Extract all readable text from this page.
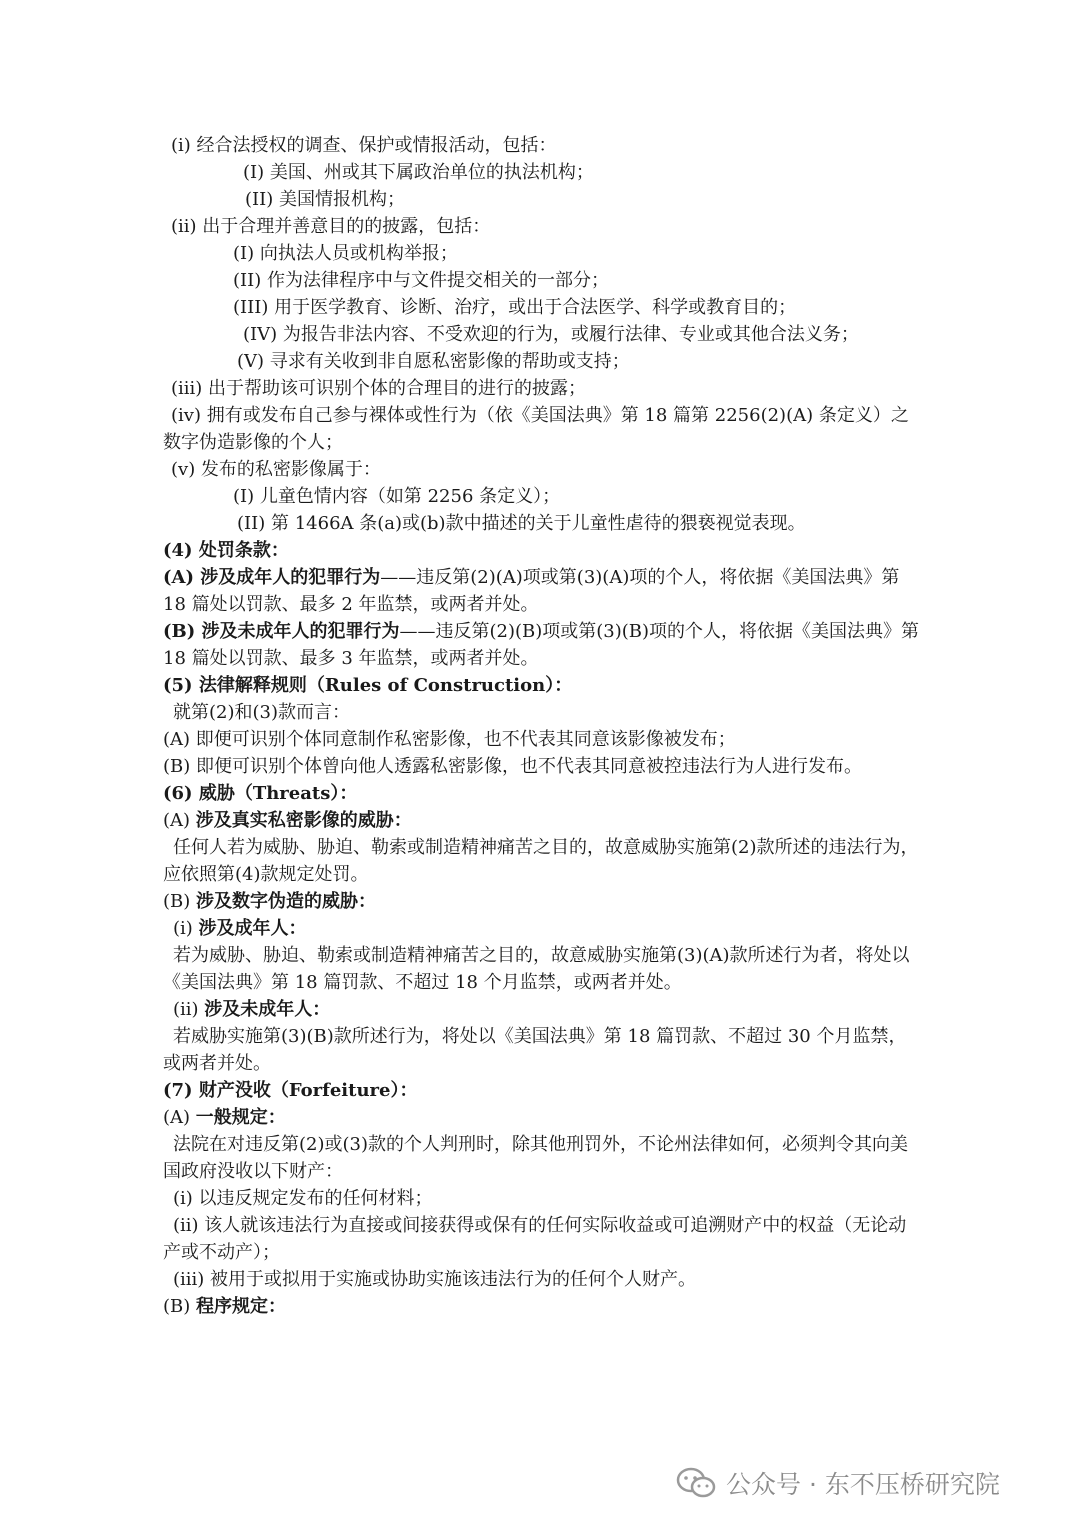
(i) 经合法授权的调查、保护或情报活动，包括：

(I) 美国、州或其下属政治单位的执法机构；

(II) 美国情报机构；

(ii) 出于合理并善意目的的披露，包括：

(I) 向执法人员或机构举报；

(II) 作为法律程序中与文件提交相关的一部分；

(III) 用于医学教育、诊断、治疗，或出于合法医学、科学或教育目的；

(IV) 为报告非法内容、不受欢迎的行为，或履行法律、专业或其他合法义务；

(V) 寻求有关收到非自愿私密影像的帮助或支持；

(iii) 出于帮助该可识别个体的合理目的进行的披露；

(iv) 拥有或发布自己参与裸体或性行为（依《美国法典》第 18 篇第 2256(2)(A) 条定义）之数字伪造影像的个人；

(v) 发布的私密影像属于：

(I) 儿童色情内容（如第 2256 条定义）；

(II) 第 1466A 条(a)或(b)款中描述的关于儿童性虐待的猥亵视觉表现。

(4) 处罚条款：

(A) 涉及成年人的犯罪行为——违反第(2)(A)项或第(3)(A)项的个人，将依据《美国法典》第 18 篇处以罚款、最多 2 年监禁，或两者并处。

(B) 涉及未成年人的犯罪行为——违反第(2)(B)项或第(3)(B)项的个人，将依据《美国法典》第 18 篇处以罚款、最多 3 年监禁，或两者并处。

(5) 法律解释规则（Rules of Construction）：

就第(2)和(3)款而言：

(A) 即便可识别个体同意制作私密影像，也不代表其同意该影像被发布；

(B) 即便可识别个体曾向他人透露私密影像，也不代表其同意被控违法行为人进行发布。

(6) 威胁（Threats）：

(A) 涉及真实私密影像的威胁：

任何人若为威胁、胁迫、勒索或制造精神痛苦之目的，故意威胁实施第(2)款所述的违法行为，应依照第(4)款规定处罚。

(B) 涉及数字伪造的威胁：

(i) 涉及成年人：

若为威胁、胁迫、勒索或制造精神痛苦之目的，故意威胁实施第(3)(A)款所述行为者，将处以《美国法典》第 18 篇罚款、不超过 18 个月监禁，或两者并处。

(ii) 涉及未成年人：

若威胁实施第(3)(B)款所述行为，将处以《美国法典》第 18 篇罚款、不超过 30 个月监禁，或两者并处。

(7) 财产没收（Forfeiture）：

(A) 一般规定：

法院在对违反第(2)或(3)款的个人判刑时，除其他刑罚外，不论州法律如何，必须判令其向美国政府没收以下财产：

(i) 以违反规定发布的任何材料；

(ii) 该人就该违法行为直接或间接获得或保有的任何实际收益或可追溯财产中的权益（无论动产或不动产）；

(iii) 被用于或拟用于实施或协助实施该违法行为的任何个人财产。

(B) 程序规定：

公众号 · 东不压桥研究院
